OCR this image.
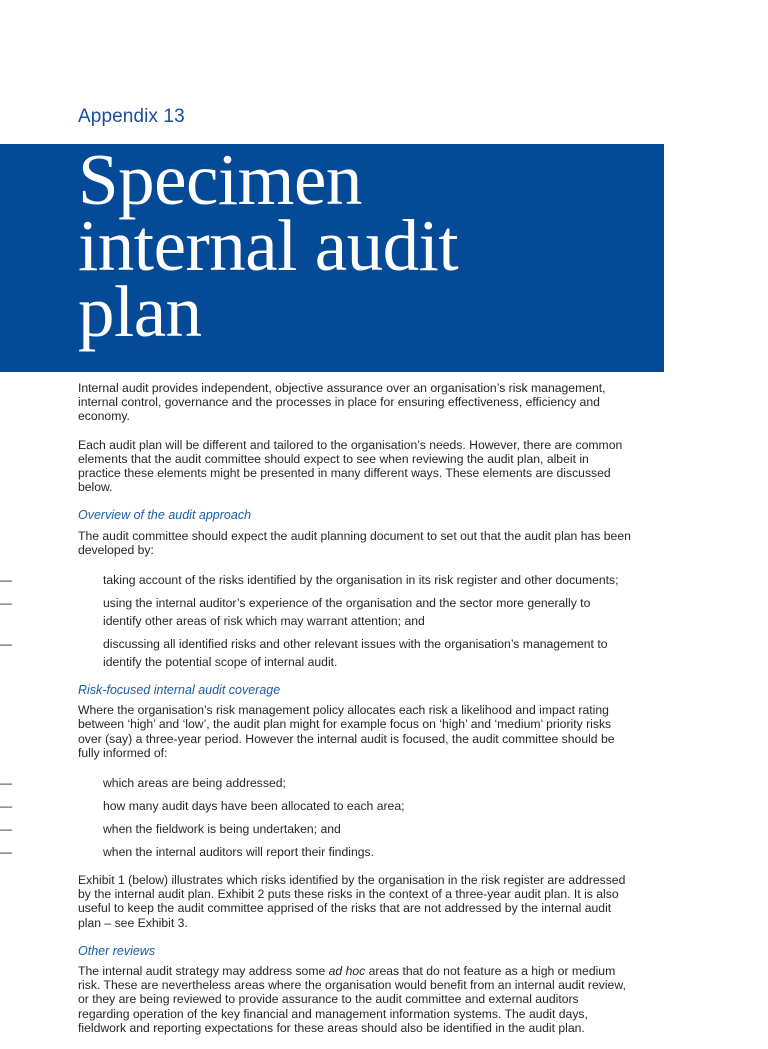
Appendix 13
Specimen
internal audit
plan

Internal audit provides independent, objective assurance over an organisation’s risk management, internal control, governance and the processes in place for ensuring effectiveness, efficiency and economy.

Each audit plan will be different and tailored to the organisation’s needs. However, there are common elements that the audit committee should expect to see when reviewing the audit plan, albeit in practice these elements might be presented in many different ways. These elements are discussed below.

Overview of the audit approach

The audit committee should expect the audit planning document to set out that the audit plan has been developed by:

—	taking account of the risks identified by the organisation in its risk register and other documents;
—	using the internal auditor’s experience of the organisation and the sector more generally to identify other areas of risk which may warrant attention; and
—	discussing all identified risks and other relevant issues with the organisation’s management to identify the potential scope of internal audit.
Risk-focused internal audit coverage

Where the organisation’s risk management policy allocates each risk a likelihood and impact rating between ‘high’ and ‘low’, the audit plan might for example focus on ‘high’ and ‘medium’ priority risks over (say) a three-year period. However the internal audit is focused, the audit committee should be fully informed of:

—	which areas are being addressed;
—	how many audit days have been allocated to each area;
—	when the fieldwork is being undertaken; and
—	when the internal auditors will report their findings.

Exhibit 1 (below) illustrates which risks identified by the organisation in the risk register are addressed by the internal audit plan. Exhibit 2 puts these risks in the context of a three-year audit plan. It is also useful to keep the audit committee apprised of the risks that are not addressed by the internal audit plan – see Exhibit 3.

Other reviews

The internal audit strategy may address some ad hoc areas that do not feature as a high or medium risk. These are nevertheless areas where the organisation would benefit from an internal audit review, or they are being reviewed to provide assurance to the audit committee and external auditors regarding operation of the key financial and management information systems. The audit days, fieldwork and reporting expectations for these areas should also be identified in the audit plan.
